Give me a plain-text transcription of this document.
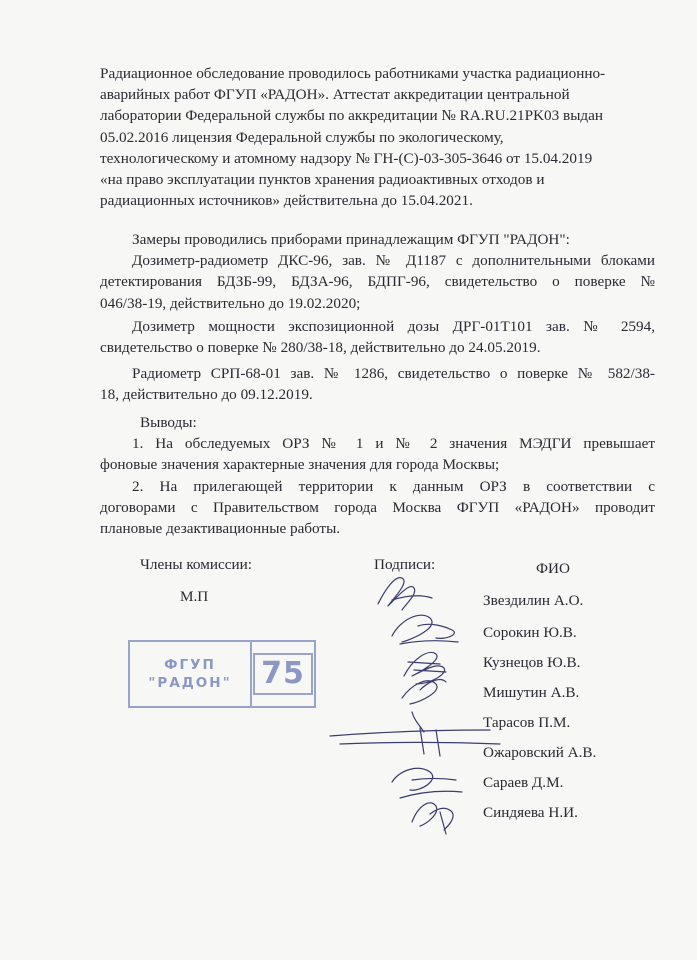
Радиационное обследование проводилось работниками участка радиационно-
аварийных работ ФГУП «РАДОН». Аттестат аккредитации центральной
лаборатории Федеральной службы по аккредитации № RA.RU.21PK03 выдан
05.02.2016 лицензия Федеральной службы по экологическому,
технологическому и атомному надзору № ГН-(С)-03-305-3646 от 15.04.2019
«на право эксплуатации пунктов хранения радиоактивных отходов и
радиационных источников» действительна до 15.04.2021.
Замеры проводились приборами принадлежащим ФГУП "РАДОН":
Дозиметр-радиометр ДКС-96, зав. № Д1187 с дополнительными блоками
детектирования БДЗБ-99, БДЗА-96, БДПГ-96, свидетельство о поверке №
046/38-19, действительно до 19.02.2020;
Дозиметр мощности экспозиционной дозы ДРГ-01Т101 зав. № 2594,
свидетельство о поверке № 280/38-18, действительно до 24.05.2019.
Радиометр СРП-68-01 зав. № 1286, свидетельство о поверке № 582/38-
18, действительно до 09.12.2019.
Выводы:
1. На обследуемых ОРЗ № 1 и № 2 значения МЭДГИ превышает
фоновые значения характерные значения для города Москвы;
2. На прилегающей территории к данным ОРЗ в соответствии с
договорами с Правительством города Москва ФГУП «РАДОН» проводит
плановые дезактивационные работы.
Члены комиссии:	Подписи:	ФИО
М.П
ФГУП
"РАДОН" 75
Звездилин А.О.
Сорокин Ю.В.
Кузнецов Ю.В.
Мишутин А.В.
Тарасов П.М.
Ожаровский А.В.
Сараев Д.М.
Синдяева Н.И.
